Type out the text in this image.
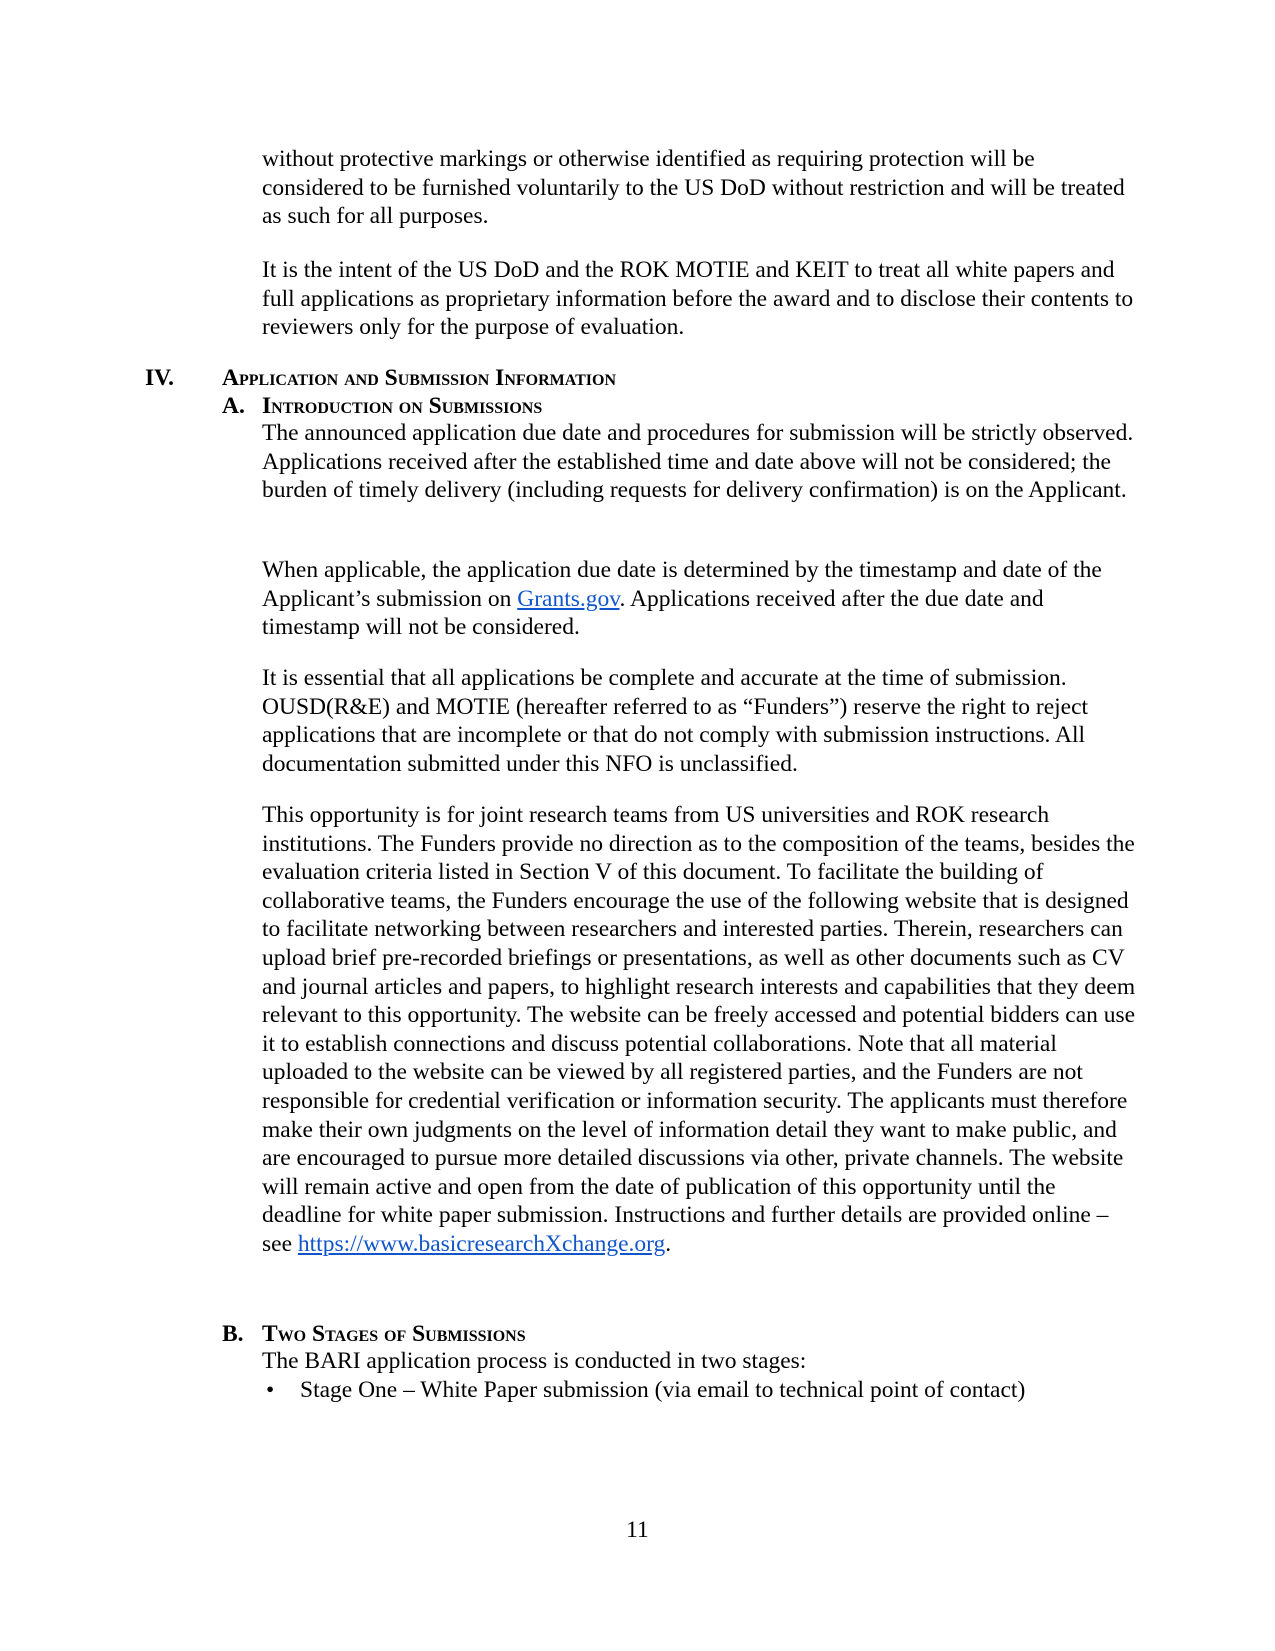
without protective markings or otherwise identified as requiring protection will be considered to be furnished voluntarily to the US DoD without restriction and will be treated as such for all purposes.

It is the intent of the US DoD and the ROK MOTIE and KEIT to treat all white papers and full applications as proprietary information before the award and to disclose their contents to reviewers only for the purpose of evaluation.

IV. Application and Submission Information
A. Introduction on Submissions

The announced application due date and procedures for submission will be strictly observed. Applications received after the established time and date above will not be considered; the burden of timely delivery (including requests for delivery confirmation) is on the Applicant.

When applicable, the application due date is determined by the timestamp and date of the Applicant’s submission on Grants.gov. Applications received after the due date and timestamp will not be considered.

It is essential that all applications be complete and accurate at the time of submission. OUSD(R&E) and MOTIE (hereafter referred to as “Funders”) reserve the right to reject applications that are incomplete or that do not comply with submission instructions. All documentation submitted under this NFO is unclassified.

This opportunity is for joint research teams from US universities and ROK research institutions. The Funders provide no direction as to the composition of the teams, besides the evaluation criteria listed in Section V of this document. To facilitate the building of collaborative teams, the Funders encourage the use of the following website that is designed to facilitate networking between researchers and interested parties. Therein, researchers can upload brief pre-recorded briefings or presentations, as well as other documents such as CV and journal articles and papers, to highlight research interests and capabilities that they deem relevant to this opportunity. The website can be freely accessed and potential bidders can use it to establish connections and discuss potential collaborations. Note that all material uploaded to the website can be viewed by all registered parties, and the Funders are not responsible for credential verification or information security. The applicants must therefore make their own judgments on the level of information detail they want to make public, and are encouraged to pursue more detailed discussions via other, private channels. The website will remain active and open from the date of publication of this opportunity until the deadline for white paper submission. Instructions and further details are provided online – see https://www.basicresearchXchange.org.

B. Two Stages of Submissions

The BARI application process is conducted in two stages:

• Stage One – White Paper submission (via email to technical point of contact)
11
